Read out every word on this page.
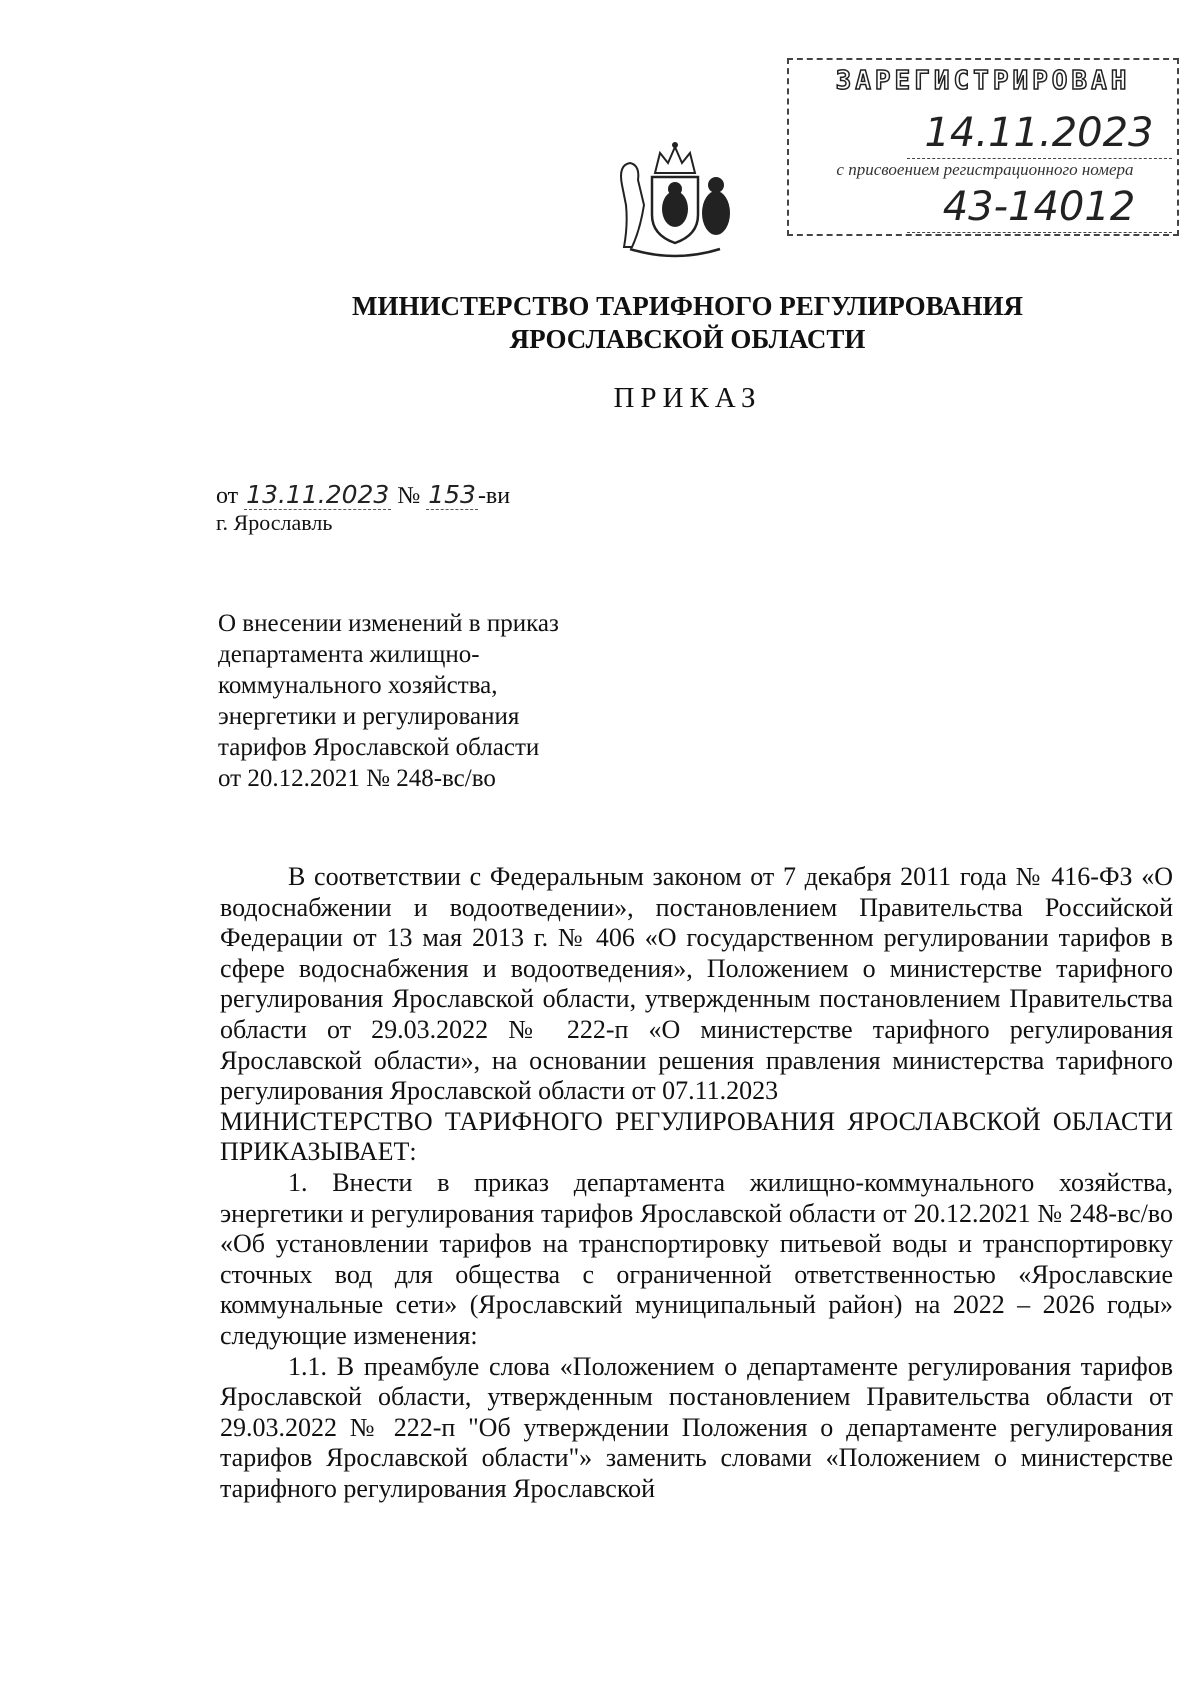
ЗАРЕГИСТРИРОВАН
14.11.2023
с присвоением регистрационного номера
43-14012
МИНИСТЕРСТВО ТАРИФНОГО РЕГУЛИРОВАНИЯ
ЯРОСЛАВСКОЙ ОБЛАСТИ
ПРИКАЗ
от 13.11.2023 № 153-ви
г. Ярославль
О внесении изменений в приказ
департамента жилищно-
коммунального хозяйства,
энергетики и регулирования
тарифов Ярославской области
от 20.12.2021 № 248-вс/во

В соответствии с Федеральным законом от 7 декабря 2011 года № 416-ФЗ «О водоснабжении и водоотведении», постановлением Правительства Российской Федерации от 13 мая 2013 г. № 406 «О государственном регулировании тарифов в сфере водоснабжения и водоотведения», Положением о министерстве тарифного регулирования Ярославской области, утвержденным постановлением Правительства области от 29.03.2022 № 222-п «О министерстве тарифного регулирования Ярославской области», на основании решения правления министерства тарифного регулирования Ярославской области от 07.11.2023

МИНИСТЕРСТВО ТАРИФНОГО РЕГУЛИРОВАНИЯ ЯРОСЛАВСКОЙ ОБЛАСТИ ПРИКАЗЫВАЕТ:

1. Внести в приказ департамента жилищно-коммунального хозяйства, энергетики и регулирования тарифов Ярославской области от 20.12.2021 № 248-вс/во «Об установлении тарифов на транспортировку питьевой воды и транспортировку сточных вод для общества с ограниченной ответственностью «Ярославские коммунальные сети» (Ярославский муниципальный район) на 2022 – 2026 годы» следующие изменения:

1.1. В преамбуле слова «Положением о департаменте регулирования тарифов Ярославской области, утвержденным постановлением Правительства области от 29.03.2022 № 222-п "Об утверждении Положения о департаменте регулирования тарифов Ярославской области"» заменить словами «Положением о министерстве тарифного регулирования Ярославской
